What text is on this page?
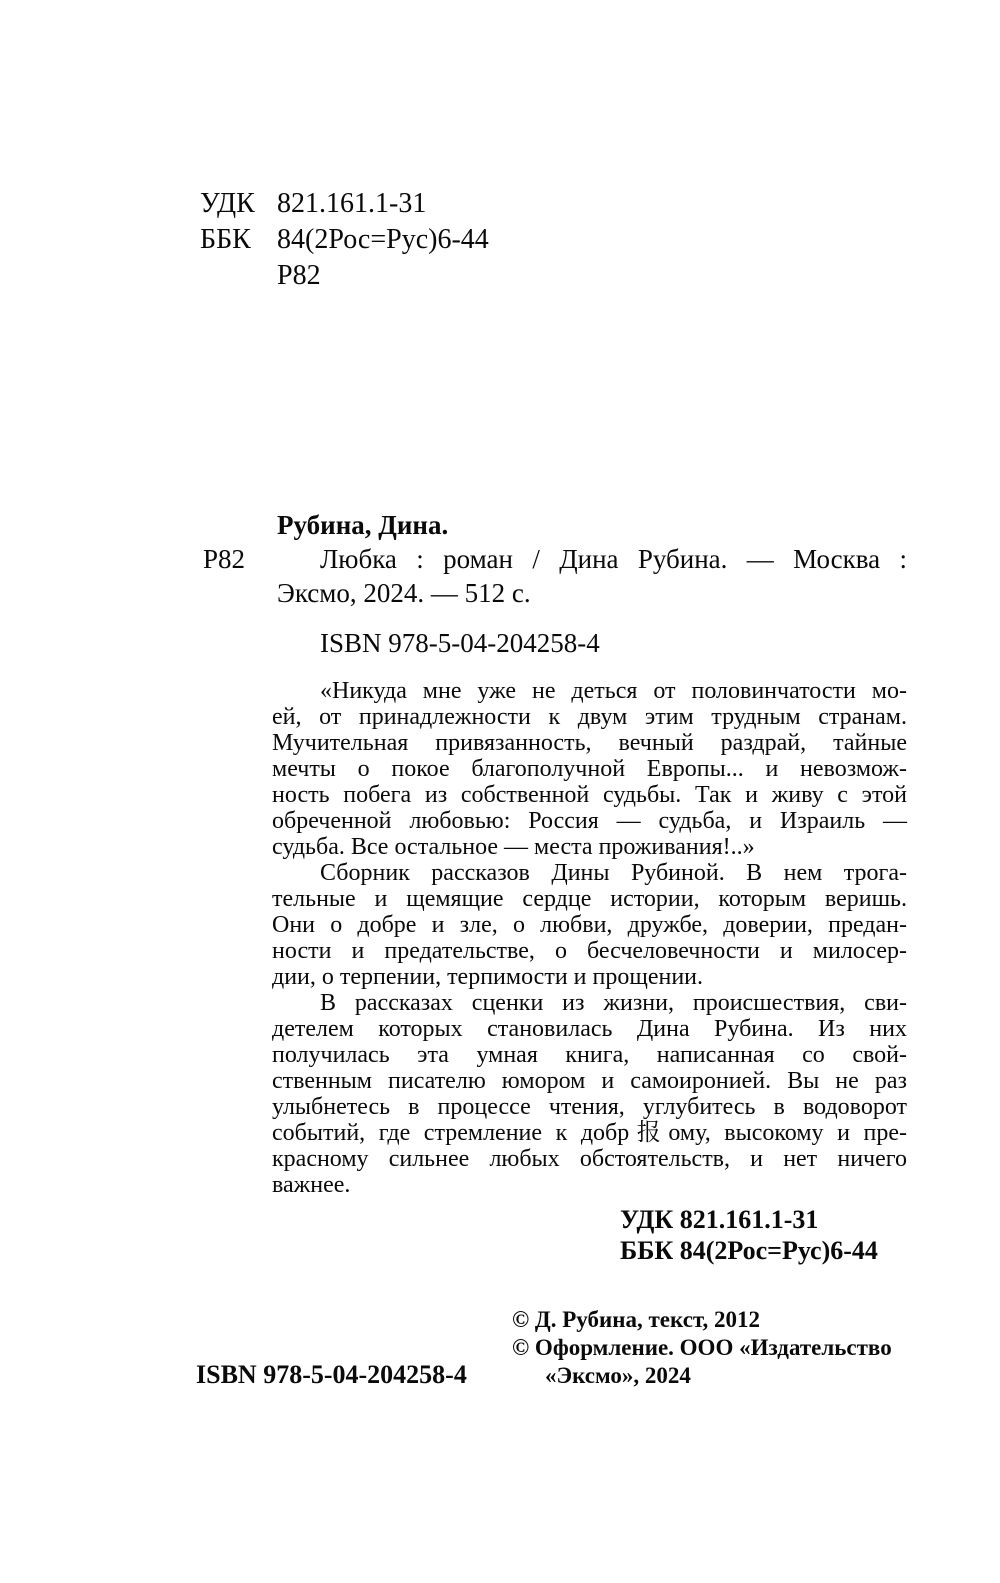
УДК 821.161.1-31
ББК 84(2Рос=Рус)6-44
Р82
Рубина, Дина.
Р82	Любка : роман / Дина Рубина. — Москва :
Эксмо, 2024. — 512 с.
ISBN 978-5-04-204258-4
«Никуда мне уже не деться от половинчатости мо-
ей, от принадлежности к двум этим трудным странам.
Мучительная привязанность, вечный раздрай, тайные
мечты о покое благополучной Европы... и невозмож-
ность побега из собственной судьбы. Так и живу с этой
обреченной любовью: Россия — судьба, и Израиль —
судьба. Все остальное — места проживания!..»
Сборник рассказов Дины Рубиной. В нем трога-
тельные и щемящие сердце истории, которым веришь.
Они о добре и зле, о любви, дружбе, доверии, предан-
ности и предательстве, о бесчеловечности и милосер-
дии, о терпении, терпимости и прощении.
В рассказах сценки из жизни, происшествия, сви-
детелем которых становилась Дина Рубина. Из них
получилась эта умная книга, написанная со свой-
ственным писателю юмором и самоиронией. Вы не раз
улыбнетесь в процессе чтения, углубитесь в водоворот
событий, где стремление к добр报ому, высокому и пре-
красному сильнее любых обстоятельств, и нет ничего
важнее.
УДК 821.161.1-31
ББК 84(2Рос=Рус)6-44
© Д. Рубина, текст, 2012
© Оформление. ООО «Издательство
«Эксмо», 2024
ISBN 978-5-04-204258-4
